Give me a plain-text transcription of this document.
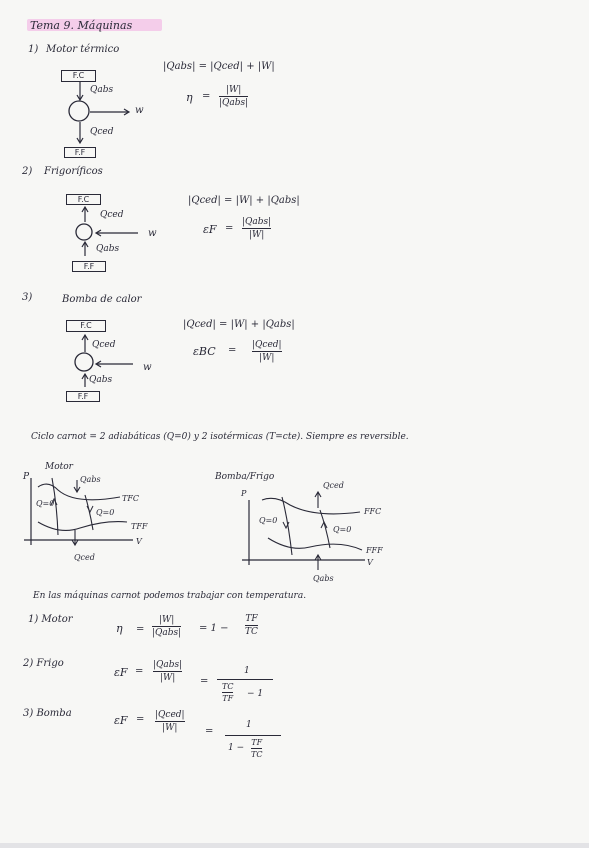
Tema 9. Máquinas
1) Motor térmico
F.C
F.F
Qabs
w
Qced
|Qabs| = |Qced| + |W|
η =
|W|
|Qabs|
2) Frigoríficos
F.C
F.F
Qced
w
Qabs
|Qced| = |W| + |Qabs|
εF =
|Qabs|
|W|
3)	Bomba de calor
F.C
F.F
Qced
w
Qabs
|Qced| = |W| + |Qabs|
εBC = |Qced|
|W|
Ciclo carnot = 2 adiabáticas (Q=0) y 2 isotérmicas (T=cte). Siempre es reversible.
Motor
P
V
Qabs
Qced
TFC
TFF
Q=0
Q=0
Bomba/Frigo
P
V
Qced
Qabs
FFC
FFF
Q=0
Q=0
En las máquinas carnot podemos trabajar con temperatura.
1) Motor
η =
|W|
|Qabs| = 1 −
TF
TC
2) Frigo
εF =
|Qabs|
|W| =
1
TC
TF − 1
3) Bomba
εF = |Qced|
|W|	=
1
1 −
TF
TC
